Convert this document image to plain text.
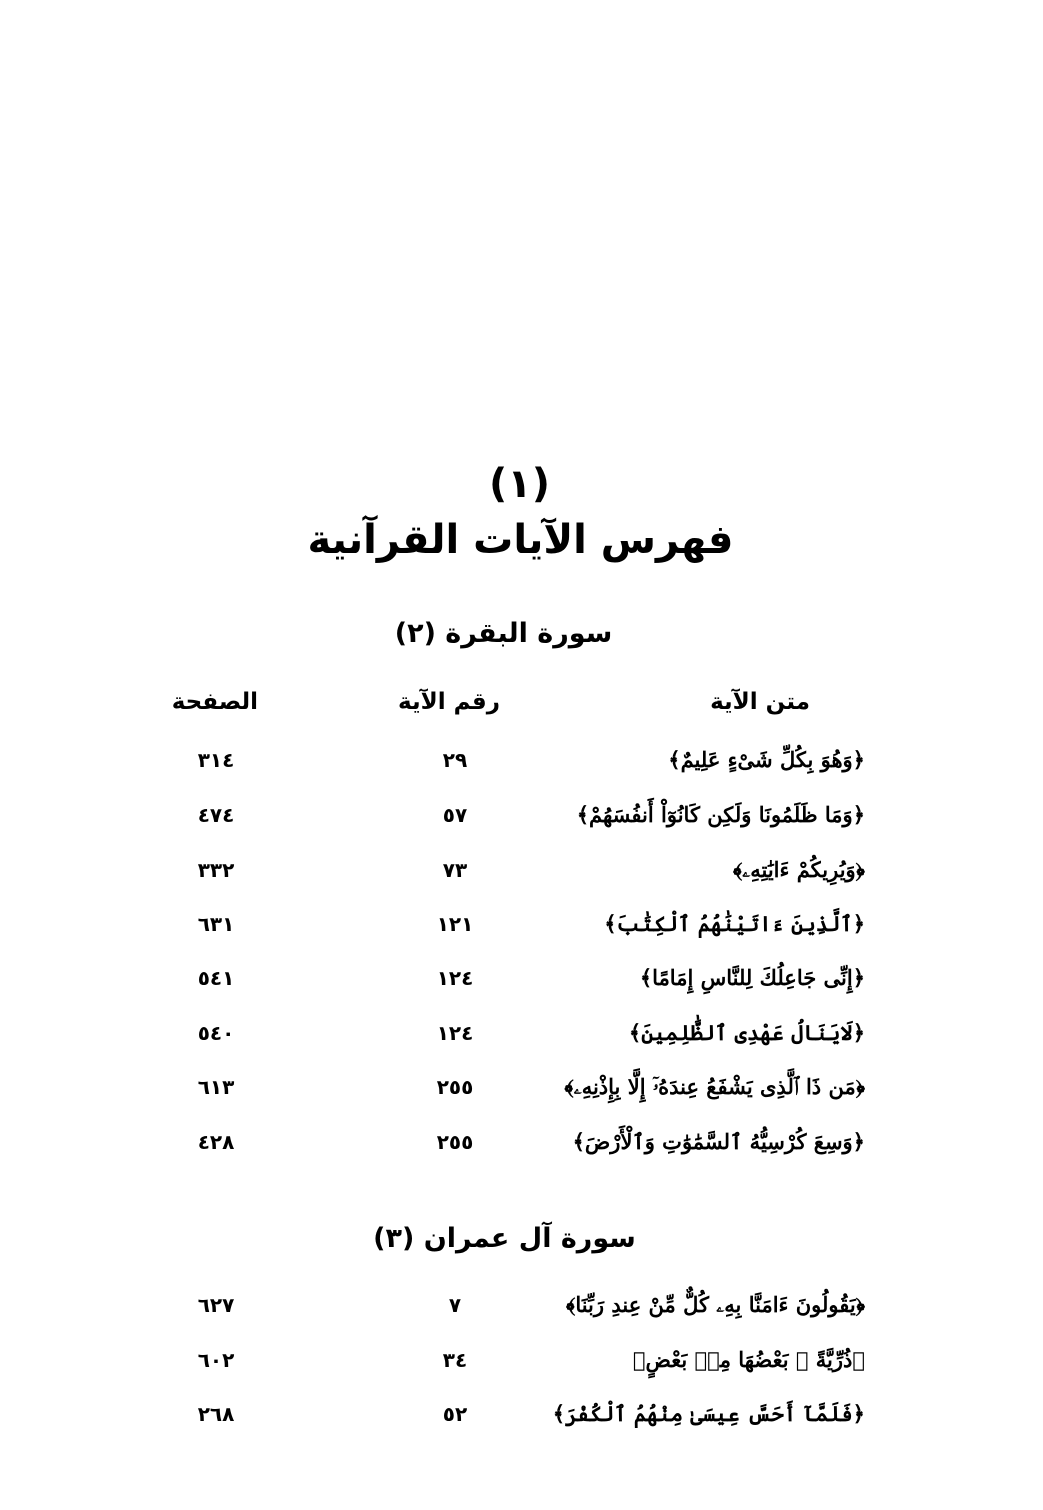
(١)
فهرس الآيات القرآنية
سورة البقرة (٢)
متن الآية
رقم الآية
الصفحة
﴿وَهُوَ بِكُلِّ شَىْءٍ عَلِيمٌ﴾
٢٩
٣١٤
﴿وَمَا ظَلَمُونَا وَلَكِن كَانُوٓاْ أَنفُسَهُمْ﴾
٥٧
٤٧٤
﴿وَيُرِيكُمْ ءَايَٰتِهِۦ﴾
٧٣
٣٣٢
﴿ٱلَّذِينَ ءَاتَيْنَٰهُمُ ٱلْكِتَٰبَ﴾
١٢١
٦٣١
﴿إِنِّى جَاعِلُكَ لِلنَّاسِ إِمَامًا﴾
١٢٤
٥٤١
﴿لَايَنَالُ عَهْدِى ٱلظَّٰلِمِينَ﴾
١٢٤
٥٤٠
﴿مَن ذَا ٱلَّذِى يَشْفَعُ عِندَهُۥٓ إِلَّا بِإِذْنِهِۦ﴾
٢٥٥
٦١٣
﴿وَسِعَ كُرْسِيُّهُ ٱلسَّمَٰوَٰتِ وَٱلْأَرْضَ﴾
٢٥٥
٤٢٨
سورة آل عمران (٣)
﴿يَقُولُونَ ءَامَنَّا بِهِۦ كُلٌّ مِّنْ عِندِ رَبِّنَا﴾
٧
٦٢٧
﴿ذُرِّيَّةً ۢ بَعْضُهَا مِنۢ بَعْضٍ﴾
٣٤
٦٠٢
﴿فَلَمَّآ أَحَسَّ عِيسَىٰ مِنْهُمُ ٱلْكُفْرَ﴾
٥٢
٢٦٨
